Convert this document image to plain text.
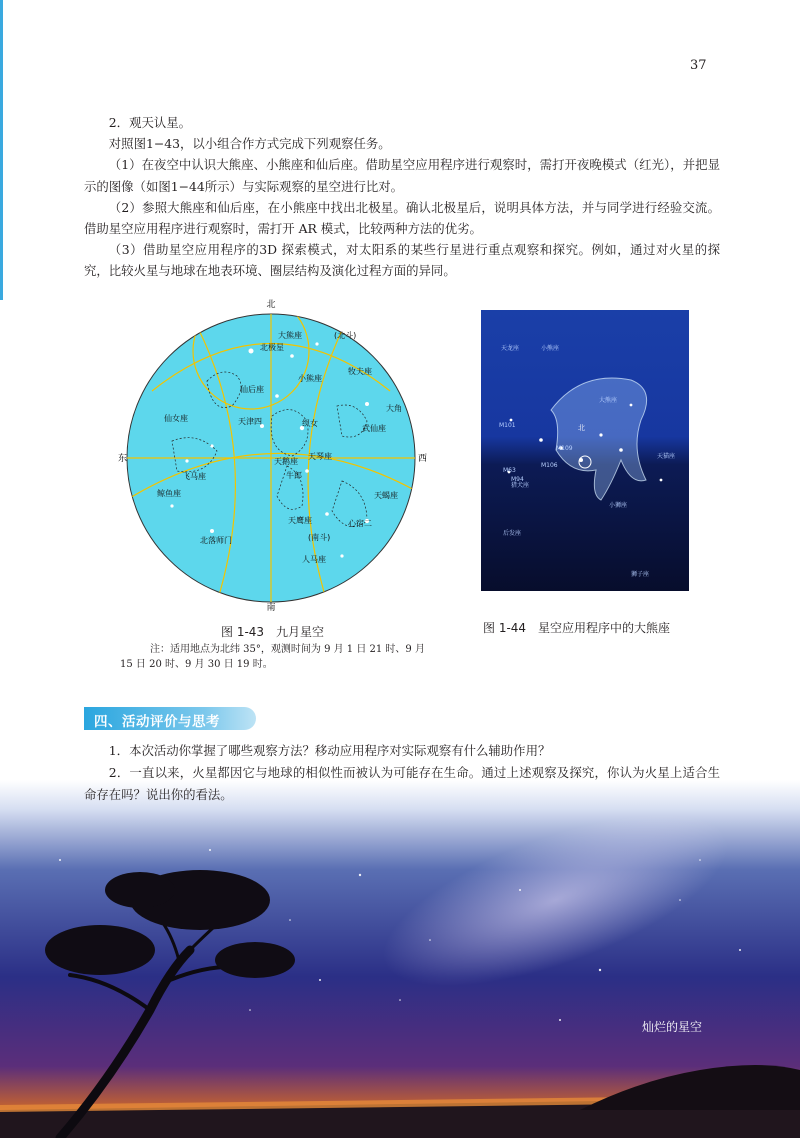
37

2．观天认星。

对照图1−43，以小组合作方式完成下列观察任务。

（1）在夜空中认识大熊座、小熊座和仙后座。借助星空应用程序进行观察时，需打开夜晚模式（红光），并把显示的图像（如图1−44所示）与实际观察的星空进行比对。

（2）参照大熊座和仙后座，在小熊座中找出北极星。确认北极星后，说明具体方法，并与同学进行经验交流。借助星空应用程序进行观察时，需打开 AR 模式，比较两种方法的优劣。

（3）借助星空应用程序的3D 探索模式，对太阳系的某些行星进行重点观察和探究。例如，通过对火星的探究，比较火星与地球在地表环境、圈层结构及演化过程方面的异同。

北
南
东	西
北极星
大熊座	(北斗)
小熊座
牧夫座
仙后座
仙女座	天津四	织女
大角
武仙座
天鹅座
天琴座
牛郎
飞马座
鲸鱼座	天蝎座
天鹰座	心宿二
北落师门	(南斗)
人马座
天龙座	小熊座
大熊座
北
M101
M109
M106
M63
M94
猎犬座
天猫座
小狮座
后发座
狮子座
图 1-43　九月星空
注：适用地点为北纬 35°，观测时间为 9 月 1 日 21 时、9 月
15 日 20 时、9 月 30 日 19 时。
图 1-44　星空应用程序中的大熊座
灿烂的星空
四、活动评价与思考

1．本次活动你掌握了哪些观察方法？移动应用程序对实际观察有什么辅助作用？

2．一直以来，火星都因它与地球的相似性而被认为可能存在生命。通过上述观察及探究，你认为火星上适合生命存在吗？说出你的看法。
